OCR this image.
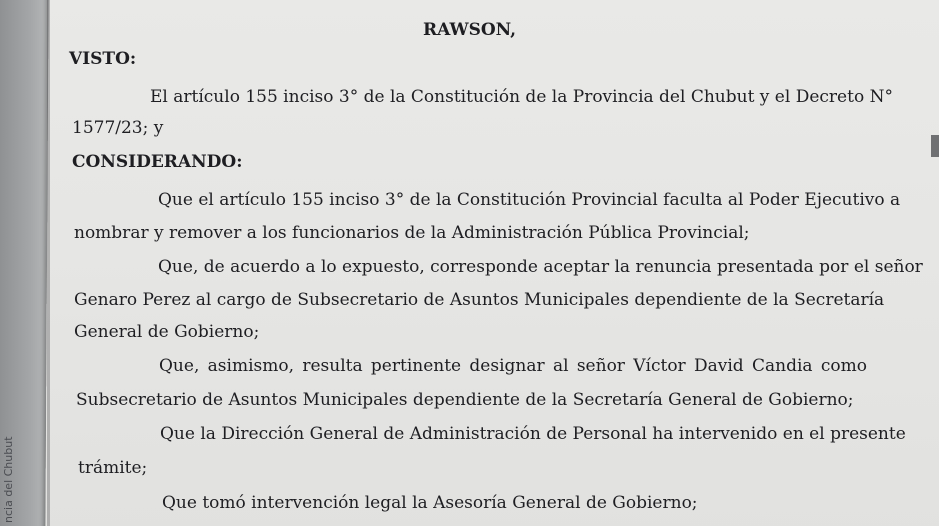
ncia del Chubut
RAWSON,
VISTO:
El artículo 155 inciso 3° de la Constitución de la Provincia del Chubut y el Decreto N°
1577/23; y
CONSIDERANDO:
Que el artículo 155 inciso 3° de la Constitución Provincial faculta al Poder Ejecutivo a
nombrar y remover a los funcionarios de la Administración Pública Provincial;
Que, de acuerdo a lo expuesto, corresponde aceptar la renuncia presentada por el señor
Genaro Perez al cargo de Subsecretario de Asuntos Municipales dependiente de la Secretaría
General de Gobierno;
Que, asimismo, resulta pertinente designar al señor Víctor David Candia como
Subsecretario de Asuntos Municipales dependiente de la Secretaría General de Gobierno;
Que la Dirección General de Administración de Personal ha intervenido en el presente
trámite;
Que tomó intervención legal la Asesoría General de Gobierno;
